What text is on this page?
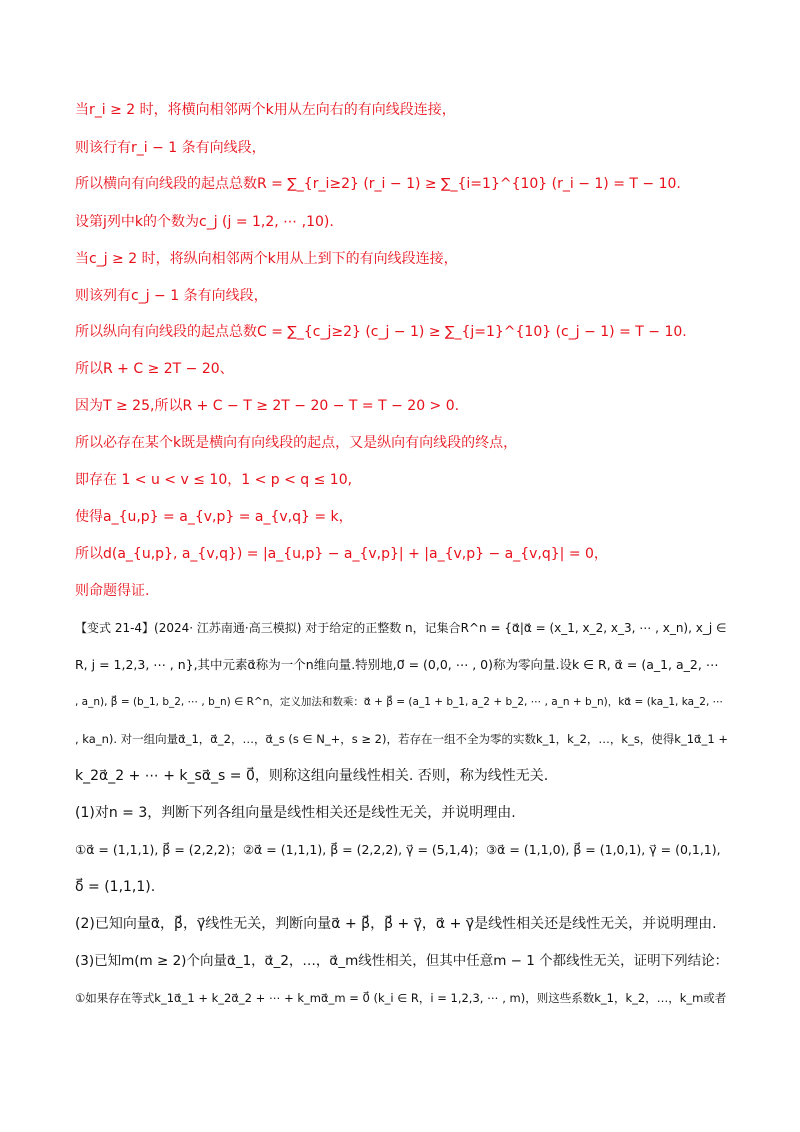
当r_i ≥ 2 时，将横向相邻两个k用从左向右的有向线段连接，
则该行有r_i − 1 条有向线段，
所以横向有向线段的起点总数R = ∑_{r_i≥2} (r_i − 1) ≥ ∑_{i=1}^{10} (r_i − 1) = T − 10.
设第j列中k的个数为c_j (j = 1,2, ⋯ ,10).
当c_j ≥ 2 时，将纵向相邻两个k用从上到下的有向线段连接，
则该列有c_j − 1 条有向线段，
所以纵向有向线段的起点总数C = ∑_{c_j≥2} (c_j − 1) ≥ ∑_{j=1}^{10} (c_j − 1) = T − 10.
所以R + C ≥ 2T − 20、
因为T ≥ 25,所以R + C − T ≥ 2T − 20 − T = T − 20 > 0.
所以必存在某个k既是横向有向线段的起点，又是纵向有向线段的终点，
即存在 1 < u < v ≤ 10，1 < p < q ≤ 10,
使得a_{u,p} = a_{v,p} = a_{v,q} = k，
所以d(a_{u,p}, a_{v,q}) = |a_{u,p} − a_{v,p}| + |a_{v,p} − a_{v,q}| = 0，
则命题得证.
【变式 21-4】(2024· 江苏南通·高三模拟) 对于给定的正整数 n，记集合R^n = {α⃗|α⃗ = (x_1, x_2, x_3, ⋯ , x_n), x_j ∈
R, j = 1,2,3, ⋯ , n},其中元素α⃗称为一个n维向量.特别地,0⃗ = (0,0, ⋯ , 0)称为零向量.设k ∈ R, α⃗ = (a_1, a_2, ⋯
, a_n), β⃗ = (b_1, b_2, ⋯ , b_n) ∈ R^n，定义加法和数乘：α⃗ + β⃗ = (a_1 + b_1, a_2 + b_2, ⋯ , a_n + b_n)，kα⃗ = (ka_1, ka_2, ⋯
, ka_n). 对一组向量α⃗_1，α⃗_2，…，α⃗_s (s ∈ N_+，s ≥ 2)，若存在一组不全为零的实数k_1，k_2，…，k_s，使得k_1α⃗_1 +
k_2α⃗_2 + ⋯ + k_sα⃗_s = 0⃗，则称这组向量线性相关. 否则，称为线性无关.
(1)对n = 3，判断下列各组向量是线性相关还是线性无关，并说明理由.
①α⃗ = (1,1,1), β⃗ = (2,2,2)；②α⃗ = (1,1,1), β⃗ = (2,2,2), γ⃗ = (5,1,4)；③α⃗ = (1,1,0), β⃗ = (1,0,1), γ⃗ = (0,1,1),
δ⃗ = (1,1,1).
(2)已知向量α⃗，β⃗，γ⃗线性无关，判断向量α⃗ + β⃗，β⃗ + γ⃗，α⃗ + γ⃗是线性相关还是线性无关，并说明理由.
(3)已知m(m ≥ 2)个向量α⃗_1，α⃗_2，…，α⃗_m线性相关，但其中任意m − 1 个都线性无关，证明下列结论：
①如果存在等式k_1α⃗_1 + k_2α⃗_2 + ⋯ + k_mα⃗_m = 0⃗ (k_i ∈ R，i = 1,2,3, ⋯ , m)，则这些系数k_1，k_2，…，k_m或者
